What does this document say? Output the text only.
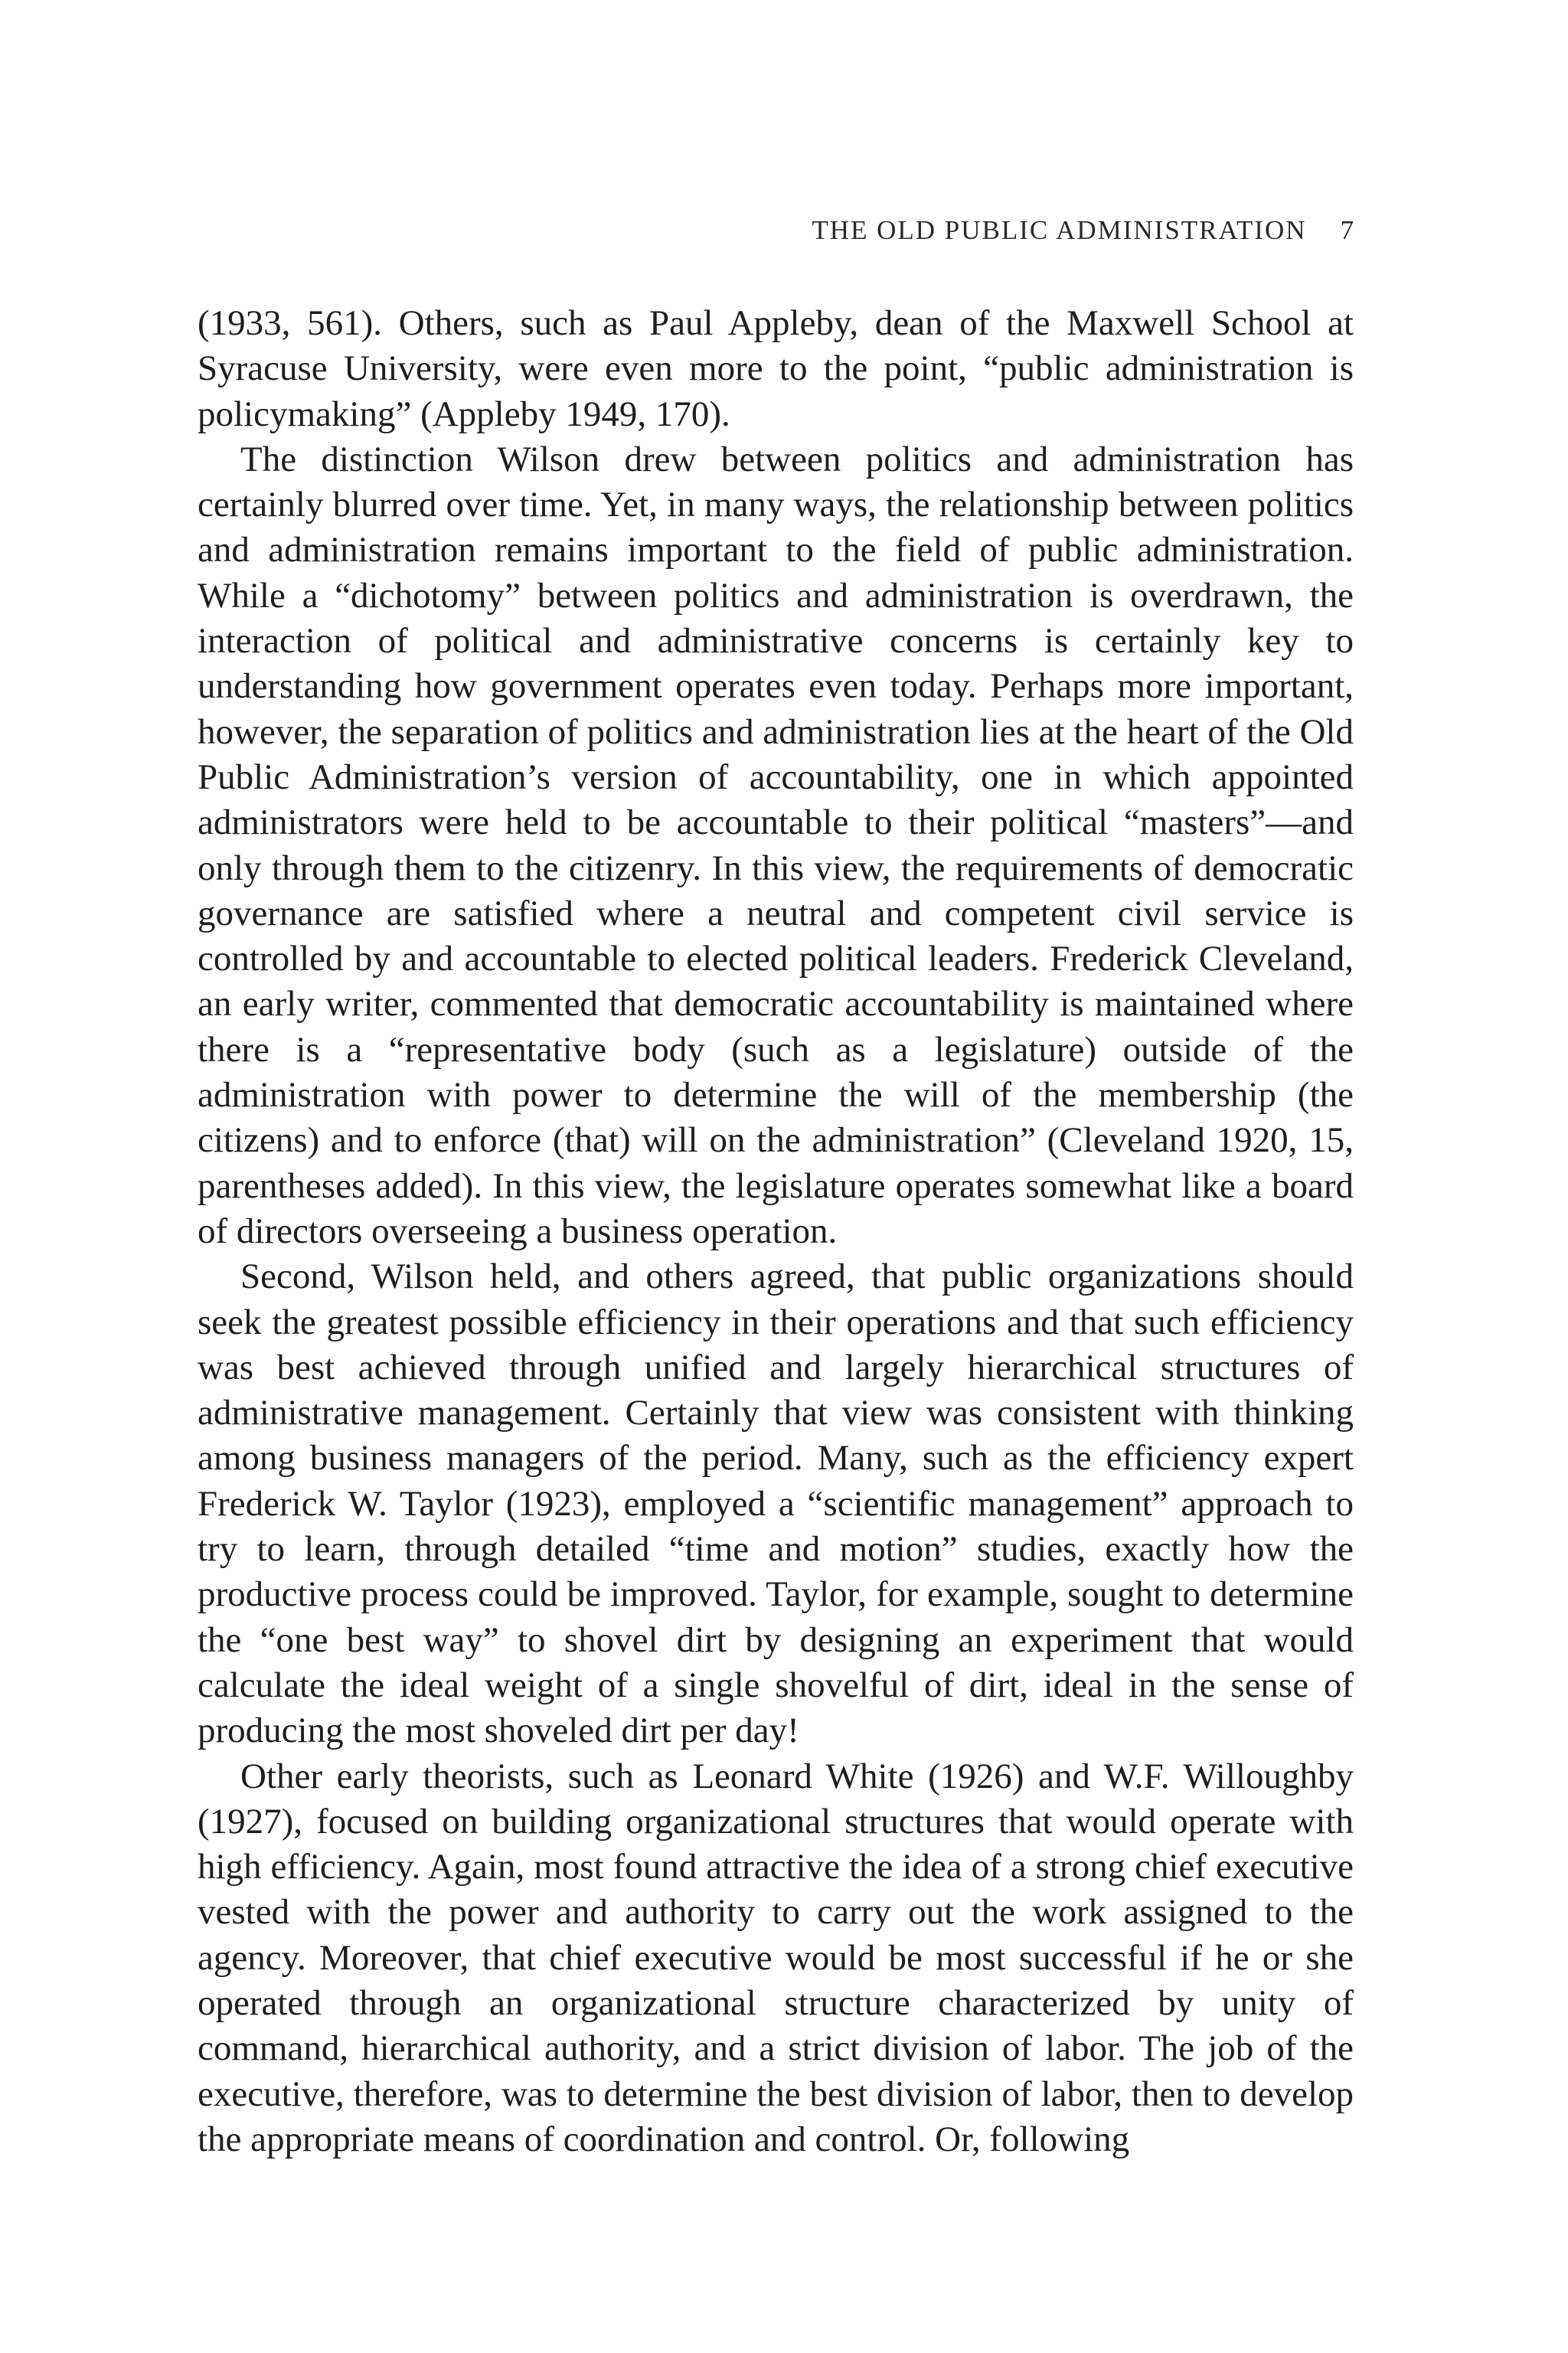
THE OLD PUBLIC ADMINISTRATION 7

(1933, 561). Others, such as Paul Appleby, dean of the Maxwell School at Syracuse University, were even more to the point, “public administration is policymaking” (Appleby 1949, 170).

The distinction Wilson drew between politics and administration has certainly blurred over time. Yet, in many ways, the relationship between politics and administration remains important to the field of public administration. While a “dichotomy” between politics and administration is overdrawn, the interaction of political and administrative concerns is certainly key to understanding how government operates even today. Perhaps more important, however, the separation of politics and administration lies at the heart of the Old Public Administration’s version of accountability, one in which appointed administrators were held to be accountable to their political “masters”—and only through them to the citizenry. In this view, the requirements of democratic governance are satisfied where a neutral and competent civil service is controlled by and accountable to elected political leaders. Frederick Cleveland, an early writer, commented that democratic accountability is maintained where there is a “representative body (such as a legislature) outside of the administration with power to determine the will of the membership (the citizens) and to enforce (that) will on the administration” (Cleveland 1920, 15, parentheses added). In this view, the legislature operates somewhat like a board of directors overseeing a business operation.

Second, Wilson held, and others agreed, that public organizations should seek the greatest possible efficiency in their operations and that such efficiency was best achieved through unified and largely hierarchical structures of administrative management. Certainly that view was consistent with thinking among business managers of the period. Many, such as the efficiency expert Frederick W. Taylor (1923), employed a “scientific management” approach to try to learn, through detailed “time and motion” studies, exactly how the productive process could be improved. Taylor, for example, sought to determine the “one best way” to shovel dirt by designing an experiment that would calculate the ideal weight of a single shovelful of dirt, ideal in the sense of producing the most shoveled dirt per day!

Other early theorists, such as Leonard White (1926) and W.F. Willoughby (1927), focused on building organizational structures that would operate with high efficiency. Again, most found attractive the idea of a strong chief executive vested with the power and authority to carry out the work assigned to the agency. Moreover, that chief executive would be most successful if he or she operated through an organizational structure characterized by unity of command, hierarchical authority, and a strict division of labor. The job of the executive, therefore, was to determine the best division of labor, then to develop the appropriate means of coordination and control. Or, following
